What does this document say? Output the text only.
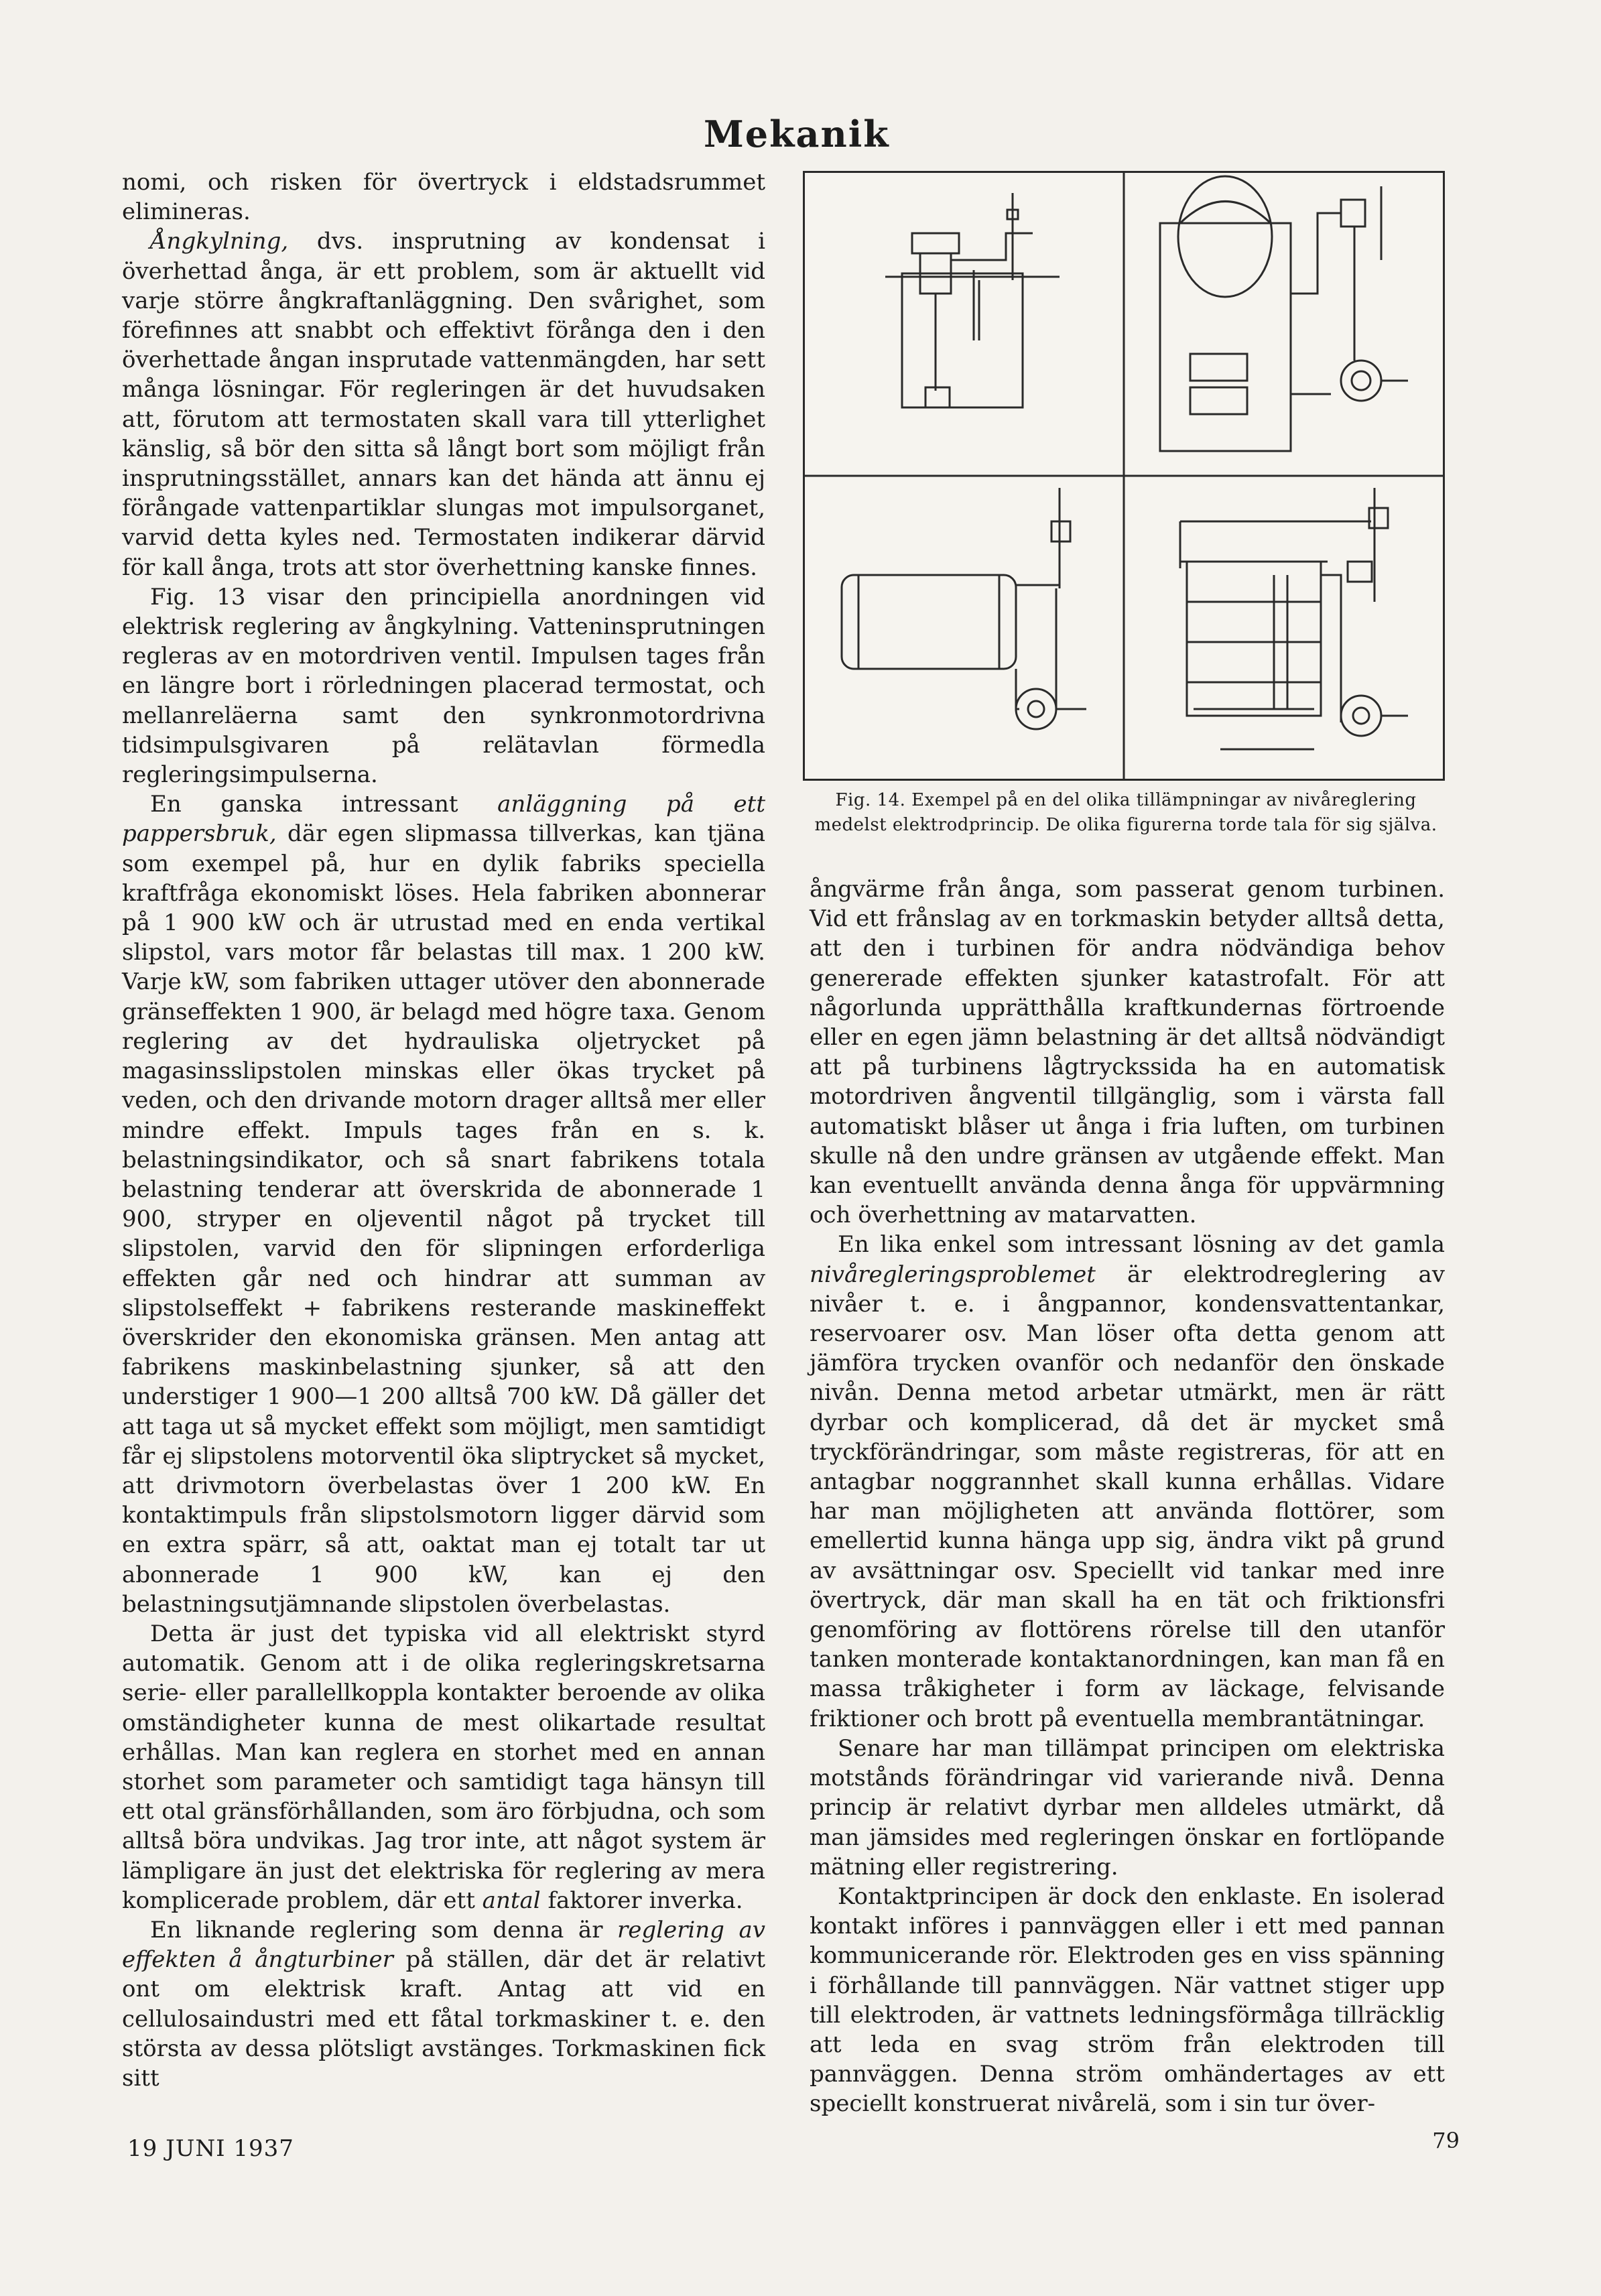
Mekanik

nomi, och risken för övertryck i eldstadsrummet elimineras.

Ångkylning, dvs. insprutning av kondensat i överhettad ånga, är ett problem, som är aktuellt vid varje större ångkraftanläggning. Den svårighet, som förefinnes att snabbt och effektivt förånga den i den överhettade ångan insprutade vattenmängden, har sett många lösningar. För regleringen är det huvudsaken att, förutom att termostaten skall vara till ytterlighet känslig, så bör den sitta så långt bort som möjligt från insprutningsstället, annars kan det hända att ännu ej förångade vattenpartiklar slungas mot impulsorganet, varvid detta kyles ned. Termostaten indikerar därvid för kall ånga, trots att stor överhettning kanske finnes.

Fig. 13 visar den principiella anordningen vid elektrisk reglering av ångkylning. Vatteninsprutningen regleras av en motordriven ventil. Impulsen tages från en längre bort i rörledningen placerad termostat, och mellanreläerna samt den synkronmotordrivna tidsimpulsgivaren på relätavlan förmedla regleringsimpulserna.

En ganska intressant anläggning på ett pappersbruk, där egen slipmassa tillverkas, kan tjäna som exempel på, hur en dylik fabriks speciella kraftfråga ekonomiskt löses. Hela fabriken abonnerar på 1 900 kW och är utrustad med en enda vertikal slipstol, vars motor får belastas till max. 1 200 kW. Varje kW, som fabriken uttager utöver den abonnerade gränseffekten 1 900, är belagd med högre taxa. Genom reglering av det hydrauliska oljetrycket på magasinsslipstolen minskas eller ökas trycket på veden, och den drivande motorn drager alltså mer eller mindre effekt. Impuls tages från en s. k. belastningsindikator, och så snart fabrikens totala belastning tenderar att överskrida de abonnerade 1 900, stryper en oljeventil något på trycket till slipstolen, varvid den för slipningen erforderliga effekten går ned och hindrar att summan av slipstolseffekt + fabrikens resterande maskineffekt överskrider den ekonomiska gränsen. Men antag att fabrikens maskinbelastning sjunker, så att den understiger 1 900—1 200 alltså 700 kW. Då gäller det att taga ut så mycket effekt som möjligt, men samtidigt får ej slipstolens motorventil öka sliptrycket så mycket, att drivmotorn överbelastas över 1 200 kW. En kontaktimpuls från slipstolsmotorn ligger därvid som en extra spärr, så att, oaktat man ej totalt tar ut abonnerade 1 900 kW, kan ej den belastningsutjämnande slipstolen överbelastas.

Detta är just det typiska vid all elektriskt styrd automatik. Genom att i de olika regleringskretsarna serie- eller parallellkoppla kontakter beroende av olika omständigheter kunna de mest olikartade resultat erhållas. Man kan reglera en storhet med en annan storhet som parameter och samtidigt taga hänsyn till ett otal gränsförhållanden, som äro förbjudna, och som alltså böra undvikas. Jag tror inte, att något system är lämpligare än just det elektriska för reglering av mera komplicerade problem, där ett antal faktorer inverka.

En liknande reglering som denna är reglering av effekten å ångturbiner på ställen, där det är relativt ont om elektrisk kraft. Antag att vid en cellulosaindustri med ett fåtal torkmaskiner t. e. den största av dessa plötsligt avstänges. Torkmaskinen fick sitt

Fig. 14. Exempel på en del olika tillämpningar av nivåreglering medelst elektrodprincip. De olika figurerna torde tala för sig själva.

ångvärme från ånga, som passerat genom turbinen. Vid ett frånslag av en torkmaskin betyder alltså detta, att den i turbinen för andra nödvändiga behov genererade effekten sjunker katastrofalt. För att någorlunda upprätthålla kraftkundernas förtroende eller en egen jämn belastning är det alltså nödvändigt att på turbinens lågtryckssida ha en automatisk motordriven ångventil tillgänglig, som i värsta fall automatiskt blåser ut ånga i fria luften, om turbinen skulle nå den undre gränsen av utgående effekt. Man kan eventuellt använda denna ånga för uppvärmning och överhettning av matarvatten.

En lika enkel som intressant lösning av det gamla nivåregleringsproblemet är elektrodreglering av nivåer t. e. i ångpannor, kondensvattentankar, reservoarer osv. Man löser ofta detta genom att jämföra trycken ovanför och nedanför den önskade nivån. Denna metod arbetar utmärkt, men är rätt dyrbar och komplicerad, då det är mycket små tryckförändringar, som måste registreras, för att en antagbar noggrannhet skall kunna erhållas. Vidare har man möjligheten att använda flottörer, som emellertid kunna hänga upp sig, ändra vikt på grund av avsättningar osv. Speciellt vid tankar med inre övertryck, där man skall ha en tät och friktionsfri genomföring av flottörens rörelse till den utanför tanken monterade kontaktanordningen, kan man få en massa tråkigheter i form av läckage, felvisande friktioner och brott på eventuella membrantätningar.

Senare har man tillämpat principen om elektriska motstånds förändringar vid varierande nivå. Denna princip är relativt dyrbar men alldeles utmärkt, då man jämsides med regleringen önskar en fortlöpande mätning eller registrering.

Kontaktprincipen är dock den enklaste. En isolerad kontakt införes i pannväggen eller i ett med pannan kommunicerande rör. Elektroden ges en viss spänning i förhållande till pannväggen. När vattnet stiger upp till elektroden, är vattnets ledningsförmåga tillräcklig att leda en svag ström från elektroden till pannväggen. Denna ström omhändertages av ett speciellt konstruerat nivårelä, som i sin tur över-

19 JUNI 1937	79
